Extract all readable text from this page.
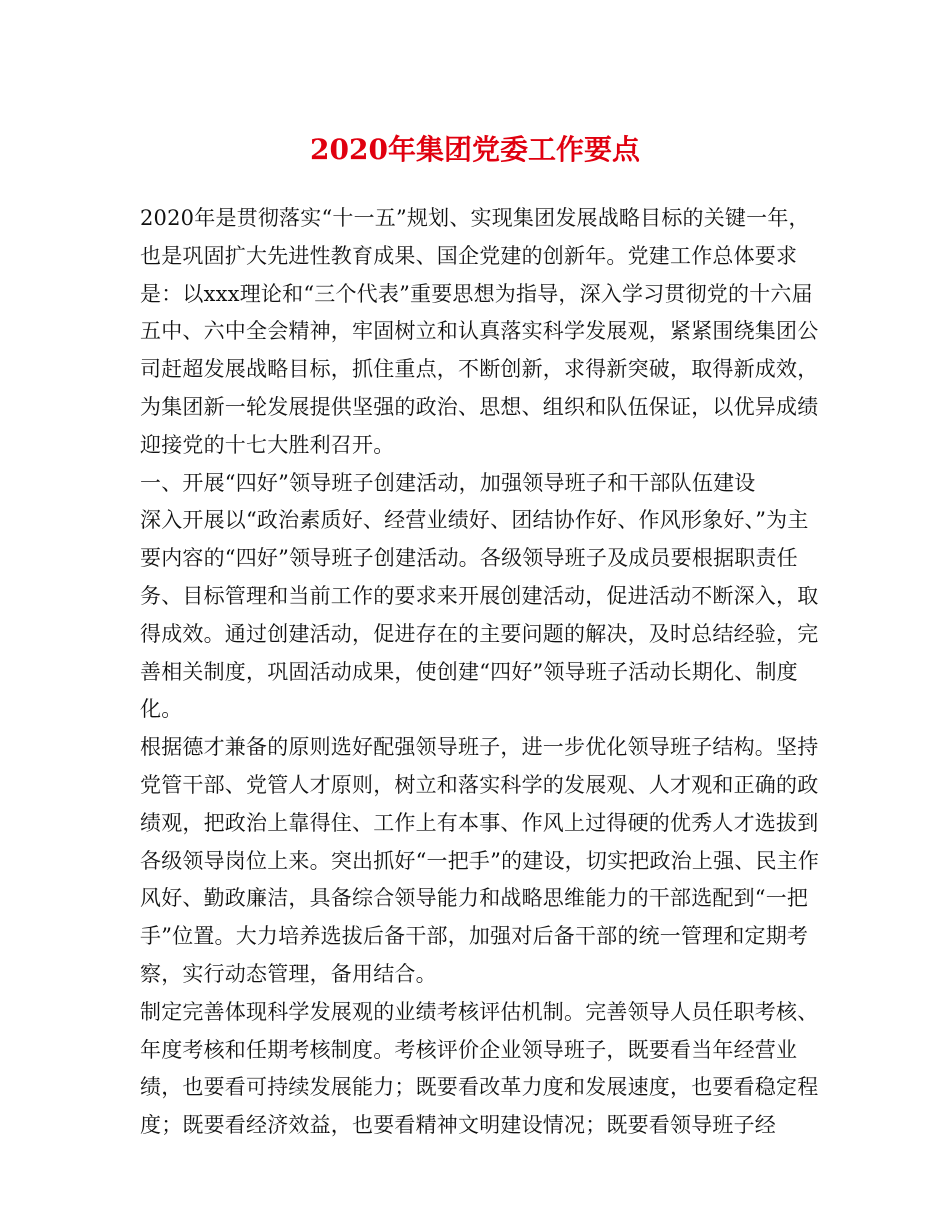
2020年集团党委工作要点

2020年是贯彻落实“十一五”规划、实现集团发展战略目标的关键一年，也是巩固扩大先进性教育成果、国企党建的创新年。党建工作总体要求是：以xxx理论和“三个代表”重要思想为指导，深入学习贯彻党的十六届五中、六中全会精神，牢固树立和认真落实科学发展观，紧紧围绕集团公司赶超发展战略目标，抓住重点，不断创新，求得新突破，取得新成效，为集团新一轮发展提供坚强的政治、思想、组织和队伍保证，以优异成绩迎接党的十七大胜利召开。

一、开展“四好”领导班子创建活动，加强领导班子和干部队伍建设

深入开展以“政治素质好、经营业绩好、团结协作好、作风形象好、”为主要内容的“四好”领导班子创建活动。各级领导班子及成员要根据职责任务、目标管理和当前工作的要求来开展创建活动，促进活动不断深入，取得成效。通过创建活动，促进存在的主要问题的解决，及时总结经验，完善相关制度，巩固活动成果，使创建“四好”领导班子活动长期化、制度化。

根据德才兼备的原则选好配强领导班子，进一步优化领导班子结构。坚持党管干部、党管人才原则，树立和落实科学的发展观、人才观和正确的政绩观，把政治上靠得住、工作上有本事、作风上过得硬的优秀人才选拔到各级领导岗位上来。突出抓好“一把手”的建设，切实把政治上强、民主作风好、勤政廉洁，具备综合领导能力和战略思维能力的干部选配到“一把手”位置。大力培养选拔后备干部，加强对后备干部的统一管理和定期考察，实行动态管理，备用结合。

制定完善体现科学发展观的业绩考核评估机制。完善领导人员任职考核、年度考核和任期考核制度。考核评价企业领导班子，既要看当年经营业绩，也要看可持续发展能力；既要看改革力度和发展速度，也要看稳定程度；既要看经济效益，也要看精神文明建设情况；既要看领导班子经
